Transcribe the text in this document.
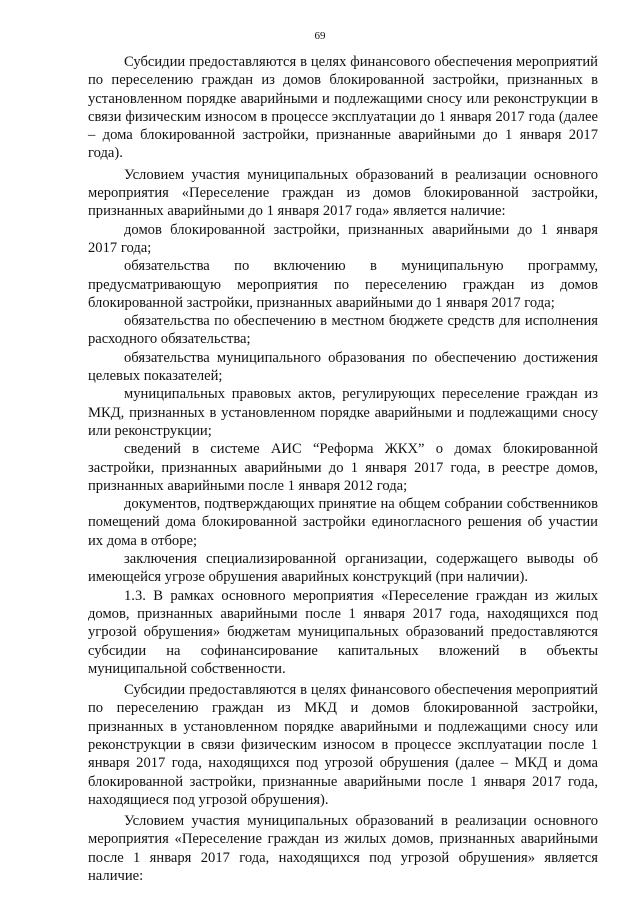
69

Субсидии предоставляются в целях финансового обеспечения мероприятий по переселению граждан из домов блокированной застройки, признанных в установленном порядке аварийными и подлежащими сносу или реконструкции в связи физическим износом в процессе эксплуатации до 1 января 2017 года (далее – дома блокированной застройки, признанные аварийными до 1 января 2017 года).

Условием участия муниципальных образований в реализации основного мероприятия «Переселение граждан из домов блокированной застройки, признанных аварийными до 1 января 2017 года» является наличие:

домов блокированной застройки, признанных аварийными до 1 января 2017 года;

обязательства по включению в муниципальную программу, предусматривающую мероприятия по переселению граждан из домов блокированной застройки, признанных аварийными до 1 января 2017 года;

обязательства по обеспечению в местном бюджете средств для исполнения расходного обязательства;

обязательства муниципального образования по обеспечению достижения целевых показателей;

муниципальных правовых актов, регулирующих переселение граждан из МКД, признанных в установленном порядке аварийными и подлежащими сносу или реконструкции;

сведений в системе АИС “Реформа ЖКХ” о домах блокированной застройки, признанных аварийными до 1 января 2017 года, в реестре домов, признанных аварийными после 1 января 2012 года;

документов, подтверждающих принятие на общем собрании собственников помещений дома блокированной застройки единогласного решения об участии их дома в отборе;

заключения специализированной организации, содержащего выводы об имеющейся угрозе обрушения аварийных конструкций (при наличии).

1.3. В рамках основного мероприятия «Переселение граждан из жилых домов, признанных аварийными после 1 января 2017 года, находящихся под угрозой обрушения» бюджетам муниципальных образований предоставляются субсидии на софинансирование капитальных вложений в объекты муниципальной собственности.

Субсидии предоставляются в целях финансового обеспечения мероприятий по переселению граждан из МКД и домов блокированной застройки, признанных в установленном порядке аварийными и подлежащими сносу или реконструкции в связи физическим износом в процессе эксплуатации после 1 января 2017 года, находящихся под угрозой обрушения (далее – МКД и дома блокированной застройки, признанные аварийными после 1 января 2017 года, находящиеся под угрозой обрушения).

Условием участия муниципальных образований в реализации основного мероприятия «Переселение граждан из жилых домов, признанных аварийными после 1 января 2017 года, находящихся под угрозой обрушения» является наличие:
